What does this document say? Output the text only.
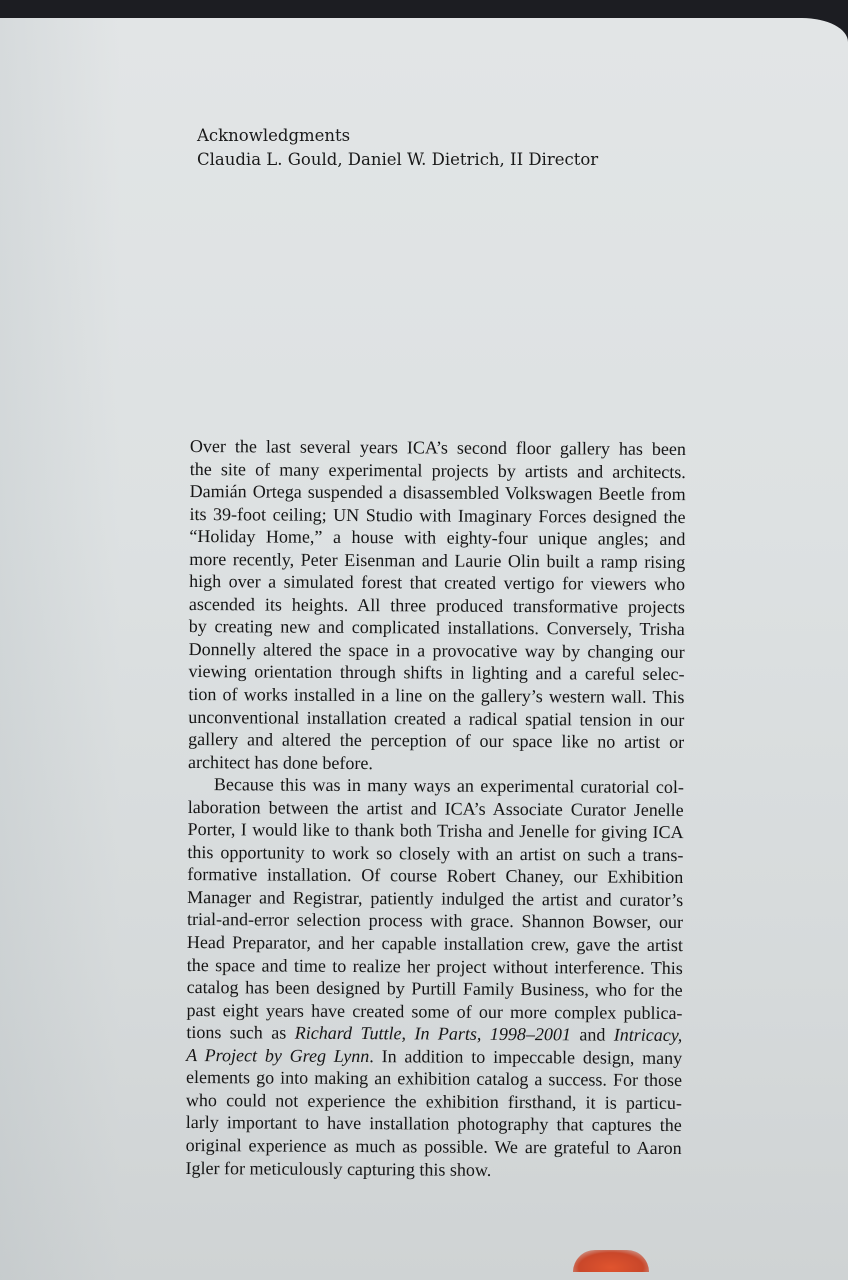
Acknowledgments
Claudia L. Gould, Daniel W. Dietrich, II Director
Over the last several years ICA’s second floor gallery has been
the site of many experimental projects by artists and architects.
Damián Ortega suspended a disassembled Volkswagen Beetle from
its 39-foot ceiling; UN Studio with Imaginary Forces designed the
“Holiday Home,” a house with eighty-four unique angles; and
more recently, Peter Eisenman and Laurie Olin built a ramp rising
high over a simulated forest that created vertigo for viewers who
ascended its heights. All three produced transformative projects
by creating new and complicated installations. Conversely, Trisha
Donnelly altered the space in a provocative way by changing our
viewing orientation through shifts in lighting and a careful selec-
tion of works installed in a line on the gallery’s western wall. This
unconventional installation created a radical spatial tension in our
gallery and altered the perception of our space like no artist or
architect has done before.
Because this was in many ways an experimental curatorial col-
laboration between the artist and ICA’s Associate Curator Jenelle
Porter, I would like to thank both Trisha and Jenelle for giving ICA
this opportunity to work so closely with an artist on such a trans-
formative installation. Of course Robert Chaney, our Exhibition
Manager and Registrar, patiently indulged the artist and curator’s
trial-and-error selection process with grace. Shannon Bowser, our
Head Preparator, and her capable installation crew, gave the artist
the space and time to realize her project without interference. This
catalog has been designed by Purtill Family Business, who for the
past eight years have created some of our more complex publica-
tions such as Richard Tuttle, In Parts, 1998–2001 and Intricacy,
A Project by Greg Lynn. In addition to impeccable design, many
elements go into making an exhibition catalog a success. For those
who could not experience the exhibition firsthand, it is particu-
larly important to have installation photography that captures the
original experience as much as possible. We are grateful to Aaron
Igler for meticulously capturing this show.
